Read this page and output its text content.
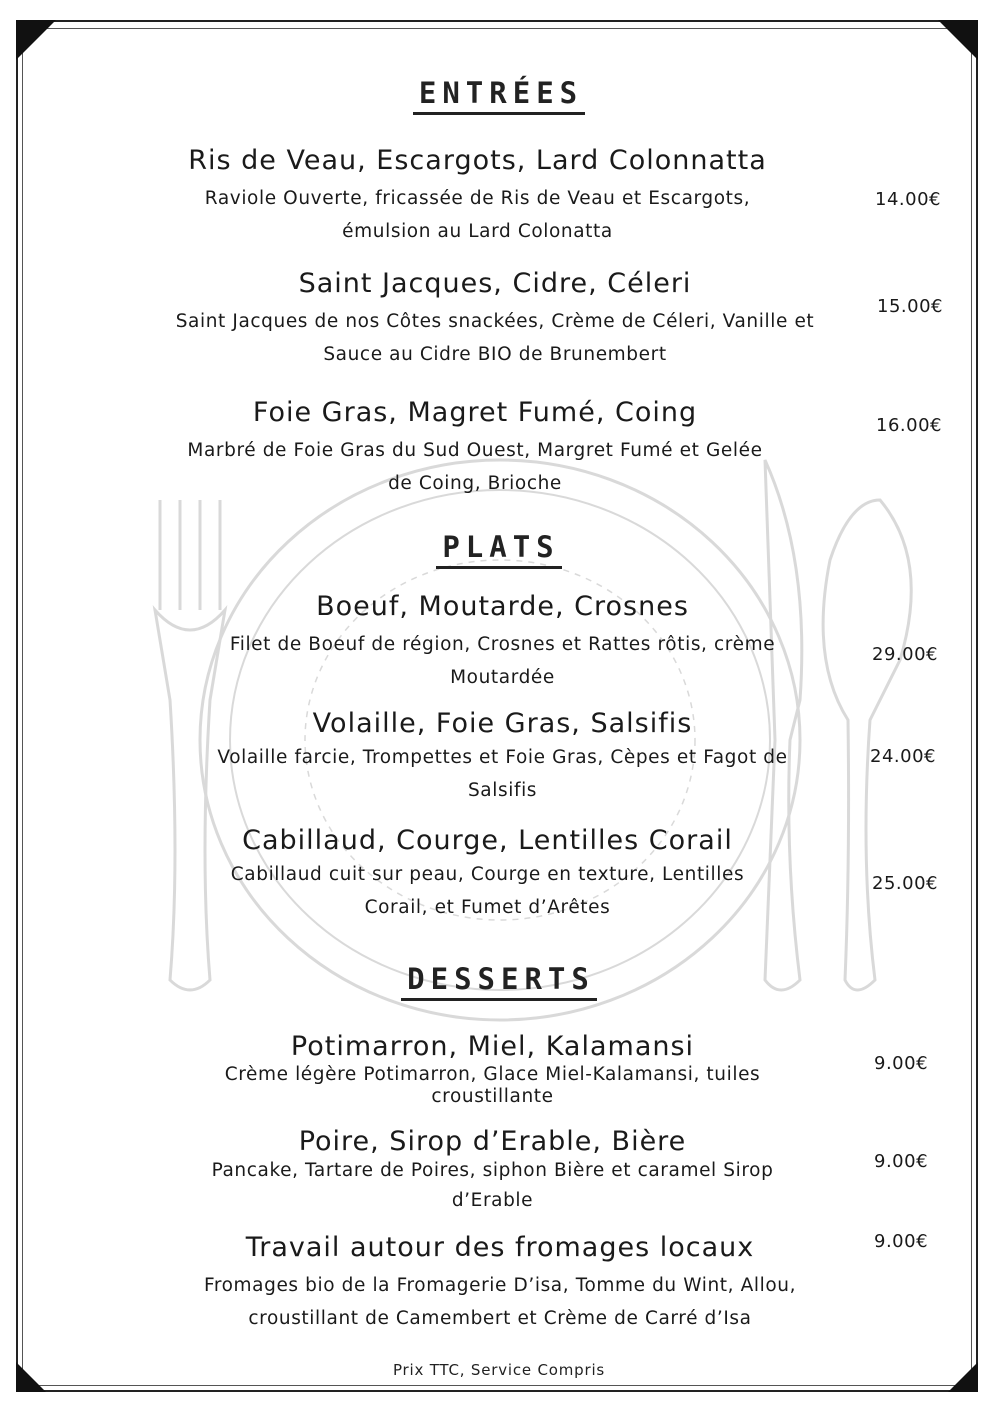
ENTRÉES
Ris de Veau, Escargots, Lard Colonnatta
Raviole Ouverte, fricassée de Ris de Veau et Escargots,
émulsion au Lard Colonatta
14.00€
Saint Jacques, Cidre, Céleri
Saint Jacques de nos Côtes snackées, Crème de Céleri, Vanille et
Sauce au Cidre BIO de Brunembert
15.00€
Foie Gras, Magret Fumé, Coing
Marbré de Foie Gras du Sud Ouest, Margret Fumé et Gelée
de Coing, Brioche
16.00€
PLATS
Boeuf, Moutarde, Crosnes
Filet de Boeuf de région, Crosnes et Rattes rôtis, crème
Moutardée
29.00€
Volaille, Foie Gras, Salsifis
Volaille farcie, Trompettes et Foie Gras, Cèpes et Fagot de
Salsifis
24.00€
Cabillaud, Courge, Lentilles Corail
Cabillaud cuit sur peau, Courge en texture, Lentilles
Corail, et Fumet d’Arêtes
25.00€
DESSERTS
Potimarron, Miel, Kalamansi
Crème légère Potimarron, Glace Miel-Kalamansi, tuiles
croustillante
9.00€
Poire, Sirop d’Erable, Bière
Pancake, Tartare de Poires, siphon Bière et caramel Sirop
d’Erable
9.00€
Travail autour des fromages locaux
Fromages bio de la Fromagerie D’isa, Tomme du Wint, Allou,
croustillant de Camembert et Crème de Carré d’Isa
9.00€
Prix TTC, Service Compris
